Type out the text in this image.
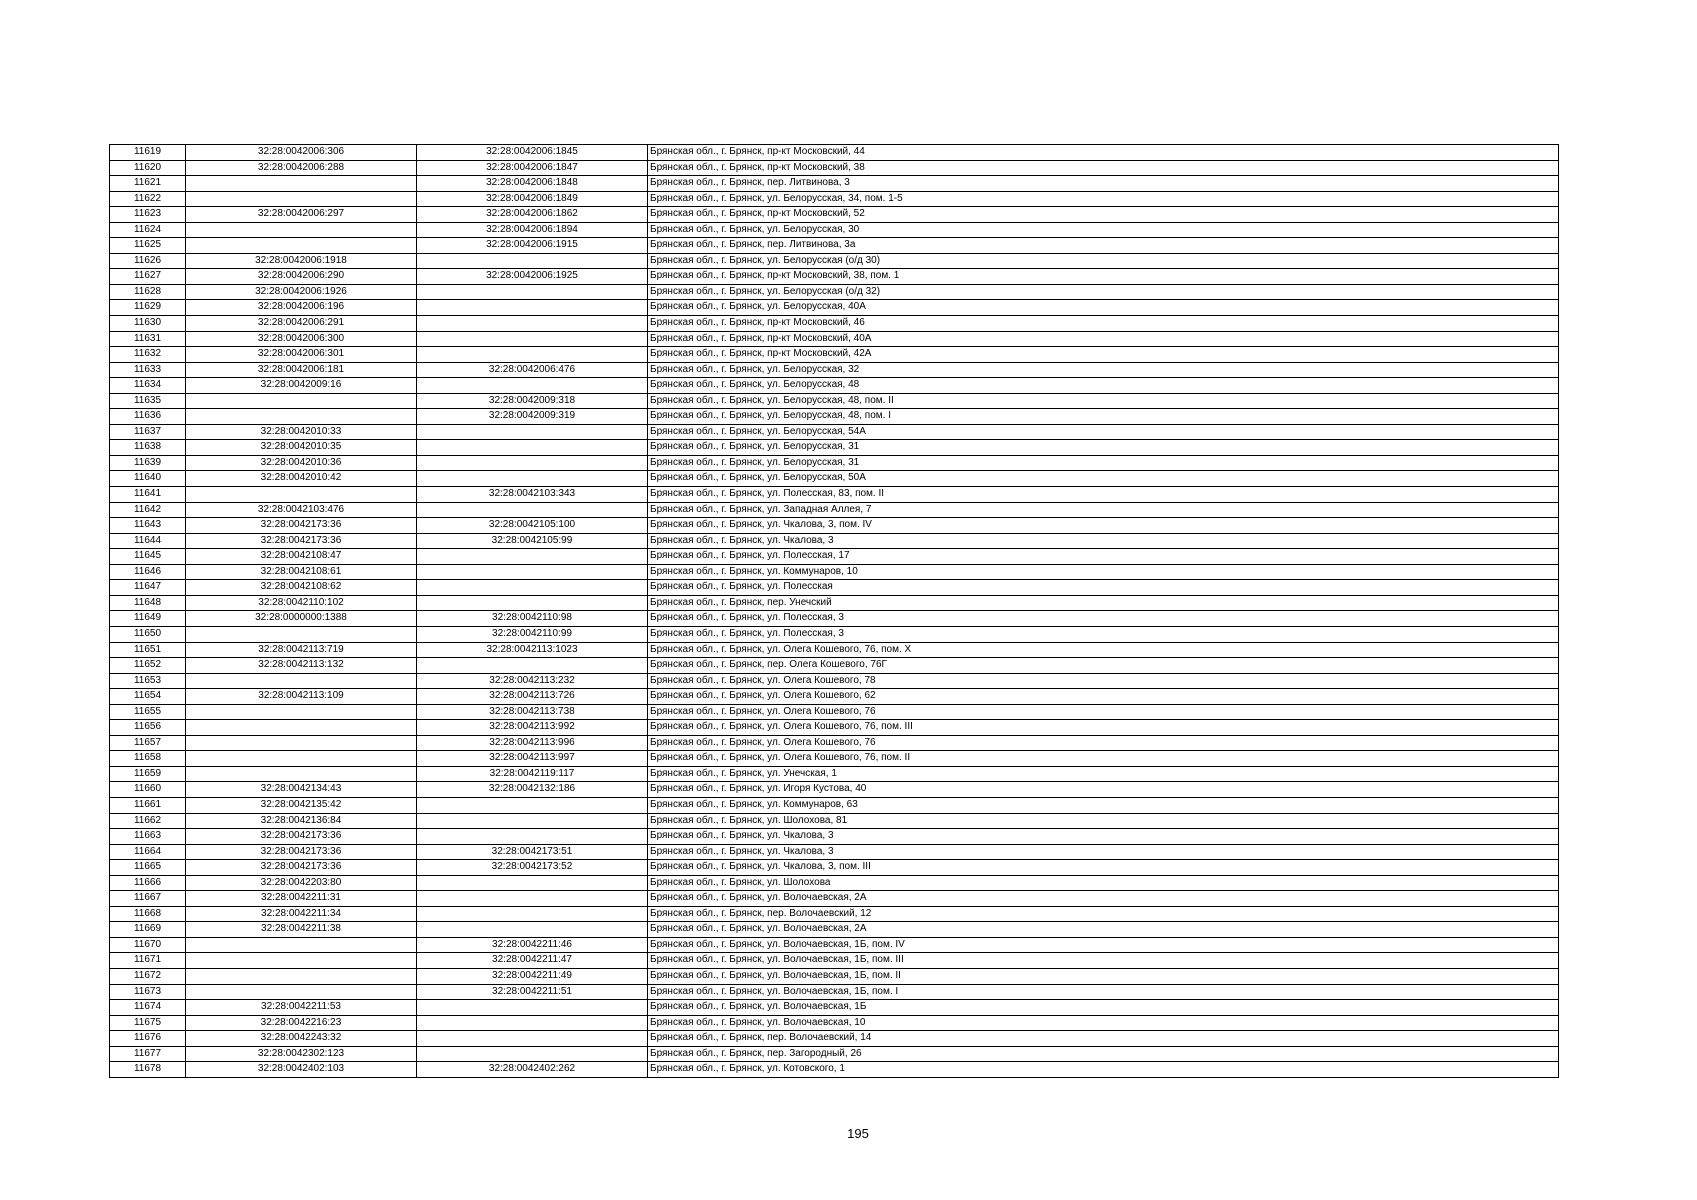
11619	32:28:0042006:306	32:28:0042006:1845	Брянская обл., г. Брянск, пр-кт Московский, 44
11620	32:28:0042006:288	32:28:0042006:1847	Брянская обл., г. Брянск, пр-кт Московский, 38
11621		32:28:0042006:1848	Брянская обл., г. Брянск, пер. Литвинова, 3
11622		32:28:0042006:1849	Брянская обл., г. Брянск, ул. Белорусская, 34, пом. 1-5
11623	32:28:0042006:297	32:28:0042006:1862	Брянская обл., г. Брянск, пр-кт Московский, 52
11624		32:28:0042006:1894	Брянская обл., г. Брянск, ул. Белорусская, 30
11625		32:28:0042006:1915	Брянская обл., г. Брянск, пер. Литвинова, 3а
11626	32:28:0042006:1918		Брянская обл., г. Брянск, ул. Белорусская (о/д 30)
11627	32:28:0042006:290	32:28:0042006:1925	Брянская обл., г. Брянск, пр-кт Московский, 38, пом. 1
11628	32:28:0042006:1926		Брянская обл., г. Брянск, ул. Белорусская (о/д 32)
11629	32:28:0042006:196		Брянская обл., г. Брянск, ул. Белорусская, 40А
11630	32:28:0042006:291		Брянская обл., г. Брянск, пр-кт Московский, 46
11631	32:28:0042006:300		Брянская обл., г. Брянск, пр-кт Московский, 40А
11632	32:28:0042006:301		Брянская обл., г. Брянск, пр-кт Московский, 42А
11633	32:28:0042006:181	32:28:0042006:476	Брянская обл., г. Брянск, ул. Белорусская, 32
11634	32:28:0042009:16		Брянская обл., г. Брянск, ул. Белорусская, 48
11635		32:28:0042009:318	Брянская обл., г. Брянск, ул. Белорусская, 48, пом. II
11636		32:28:0042009:319	Брянская обл., г. Брянск, ул. Белорусская, 48, пом. I
11637	32:28:0042010:33		Брянская обл., г. Брянск, ул. Белорусская, 54А
11638	32:28:0042010:35		Брянская обл., г. Брянск, ул. Белорусская, 31
11639	32:28:0042010:36		Брянская обл., г. Брянск, ул. Белорусская, 31
11640	32:28:0042010:42		Брянская обл., г. Брянск, ул. Белорусская, 50А
11641		32:28:0042103:343	Брянская обл., г. Брянск, ул. Полесская, 83, пом. II
11642	32:28:0042103:476		Брянская обл., г. Брянск, ул. Западная Аллея, 7
11643	32:28:0042173:36	32:28:0042105:100	Брянская обл., г. Брянск, ул. Чкалова, 3, пом. IV
11644	32:28:0042173:36	32:28:0042105:99	Брянская обл., г. Брянск, ул. Чкалова, 3
11645	32:28:0042108:47		Брянская обл., г. Брянск, ул. Полесская, 17
11646	32:28:0042108:61		Брянская обл., г. Брянск, ул. Коммунаров, 10
11647	32:28:0042108:62		Брянская обл., г. Брянск, ул. Полесская
11648	32:28:0042110:102		Брянская обл., г. Брянск, пер. Унечский
11649	32:28:0000000:1388	32:28:0042110:98	Брянская обл., г. Брянск, ул. Полесская, 3
11650		32:28:0042110:99	Брянская обл., г. Брянск, ул. Полесская, 3
11651	32:28:0042113:719	32:28:0042113:1023	Брянская обл., г. Брянск, ул. Олега Кошевого, 76, пом. X
11652	32:28:0042113:132		Брянская обл., г. Брянск, пер. Олега Кошевого, 76Г
11653		32:28:0042113:232	Брянская обл., г. Брянск, ул. Олега Кошевого, 78
11654	32:28:0042113:109	32:28:0042113:726	Брянская обл., г. Брянск, ул. Олега Кошевого, 62
11655		32:28:0042113:738	Брянская обл., г. Брянск, ул. Олега Кошевого, 76
11656		32:28:0042113:992	Брянская обл., г. Брянск, ул. Олега Кошевого, 76, пом. III
11657		32:28:0042113:996	Брянская обл., г. Брянск, ул. Олега Кошевого, 76
11658		32:28:0042113:997	Брянская обл., г. Брянск, ул. Олега Кошевого, 76, пом. II
11659		32:28:0042119:117	Брянская обл., г. Брянск, ул. Унечская, 1
11660	32:28:0042134:43	32:28:0042132:186	Брянская обл., г. Брянск, ул. Игоря Кустова, 40
11661	32:28:0042135:42		Брянская обл., г. Брянск, ул. Коммунаров, 63
11662	32:28:0042136:84		Брянская обл., г. Брянск, ул. Шолохова, 81
11663	32:28:0042173:36		Брянская обл., г. Брянск, ул. Чкалова, 3
11664	32:28:0042173:36	32:28:0042173:51	Брянская обл., г. Брянск, ул. Чкалова, 3
11665	32:28:0042173:36	32:28:0042173:52	Брянская обл., г. Брянск, ул. Чкалова, 3, пом. III
11666	32:28:0042203:80		Брянская обл., г. Брянск, ул. Шолохова
11667	32:28:0042211:31		Брянская обл., г. Брянск, ул. Волочаевская, 2А
11668	32:28:0042211:34		Брянская обл., г. Брянск, пер. Волочаевский, 12
11669	32:28:0042211:38		Брянская обл., г. Брянск, ул. Волочаевская, 2А
11670		32:28:0042211:46	Брянская обл., г. Брянск, ул. Волочаевская, 1Б, пом. IV
11671		32:28:0042211:47	Брянская обл., г. Брянск, ул. Волочаевская, 1Б, пом. III
11672		32:28:0042211:49	Брянская обл., г. Брянск, ул. Волочаевская, 1Б, пом. II
11673		32:28:0042211:51	Брянская обл., г. Брянск, ул. Волочаевская, 1Б, пом. I
11674	32:28:0042211:53		Брянская обл., г. Брянск, ул. Волочаевская, 1Б
11675	32:28:0042216:23		Брянская обл., г. Брянск, ул. Волочаевская, 10
11676	32:28:0042243:32		Брянская обл., г. Брянск, пер. Волочаевский, 14
11677	32:28:0042302:123		Брянская обл., г. Брянск, пер. Загородный, 26
11678	32:28:0042402:103	32:28:0042402:262	Брянская обл., г. Брянск, ул. Котовского, 1
195
